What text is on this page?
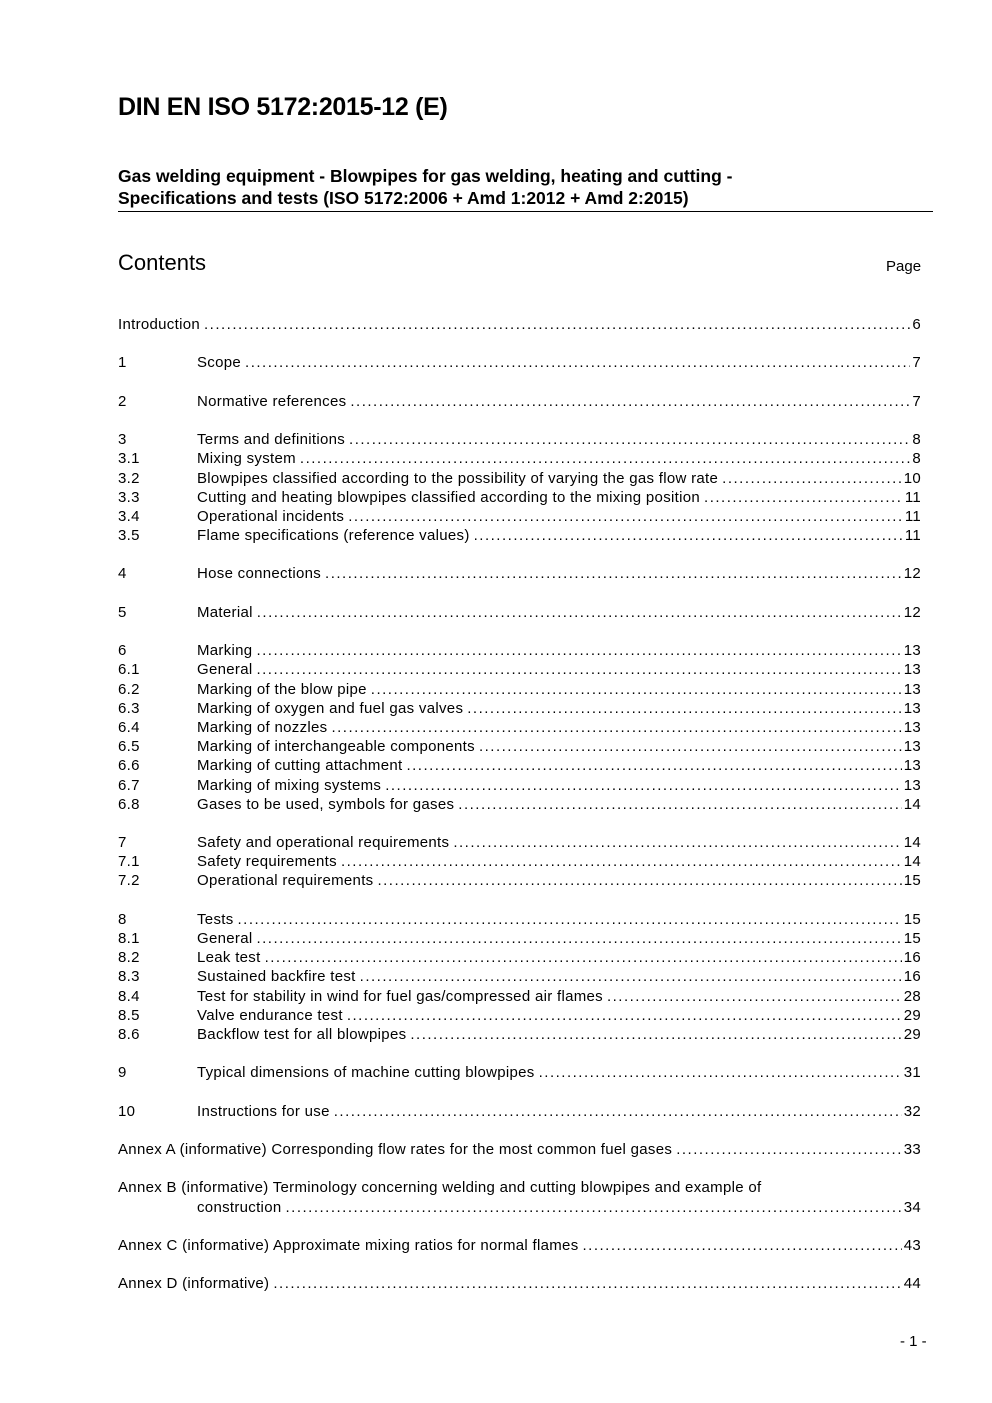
DIN EN ISO 5172:2015-12 (E)
Gas welding equipment - Blowpipes for gas welding, heating and cutting -
Specifications and tests (ISO 5172:2006 + Amd 1:2012 + Amd 2:2015)
Contents	Page
Introduction .....	6
1	Scope .....	7
2	Normative references .....	7
3	Terms and definitions .....	8
3.1	Mixing system .....	8
3.2	Blowpipes classified according to the possibility of varying the gas flow rate .....	10
3.3	Cutting and heating blowpipes classified according to the mixing position .....	11
3.4	Operational incidents .....	11
3.5	Flame specifications (reference values) .....	11
4	Hose connections .....	12
5	Material .....	12
6	Marking .....	13
6.1	General .....	13
6.2	Marking of the blow pipe .....	13
6.3	Marking of oxygen and fuel gas valves .....	13
6.4	Marking of nozzles .....	13
6.5	Marking of interchangeable components .....	13
6.6	Marking of cutting attachment .....	13
6.7	Marking of mixing systems .....	13
6.8	Gases to be used, symbols for gases .....	14
7	Safety and operational requirements .....	14
7.1	Safety requirements .....	14
7.2	Operational requirements .....	15
8	Tests .....	15
8.1	General .....	15
8.2	Leak test .....	16
8.3	Sustained backfire test .....	16
8.4	Test for stability in wind for fuel gas/compressed air flames .....	28
8.5	Valve endurance test .....	29
8.6	Backflow test for all blowpipes .....	29
9	Typical dimensions of machine cutting blowpipes .....	31
10	Instructions for use .....	32
Annex A (informative) Corresponding flow rates for the most common fuel gases .....	33
Annex B (informative) Terminology concerning welding and cutting blowpipes and example of
construction .....	34
Annex C (informative) Approximate mixing ratios for normal flames .....	43
Annex D (informative) .....	44
- 1 -
